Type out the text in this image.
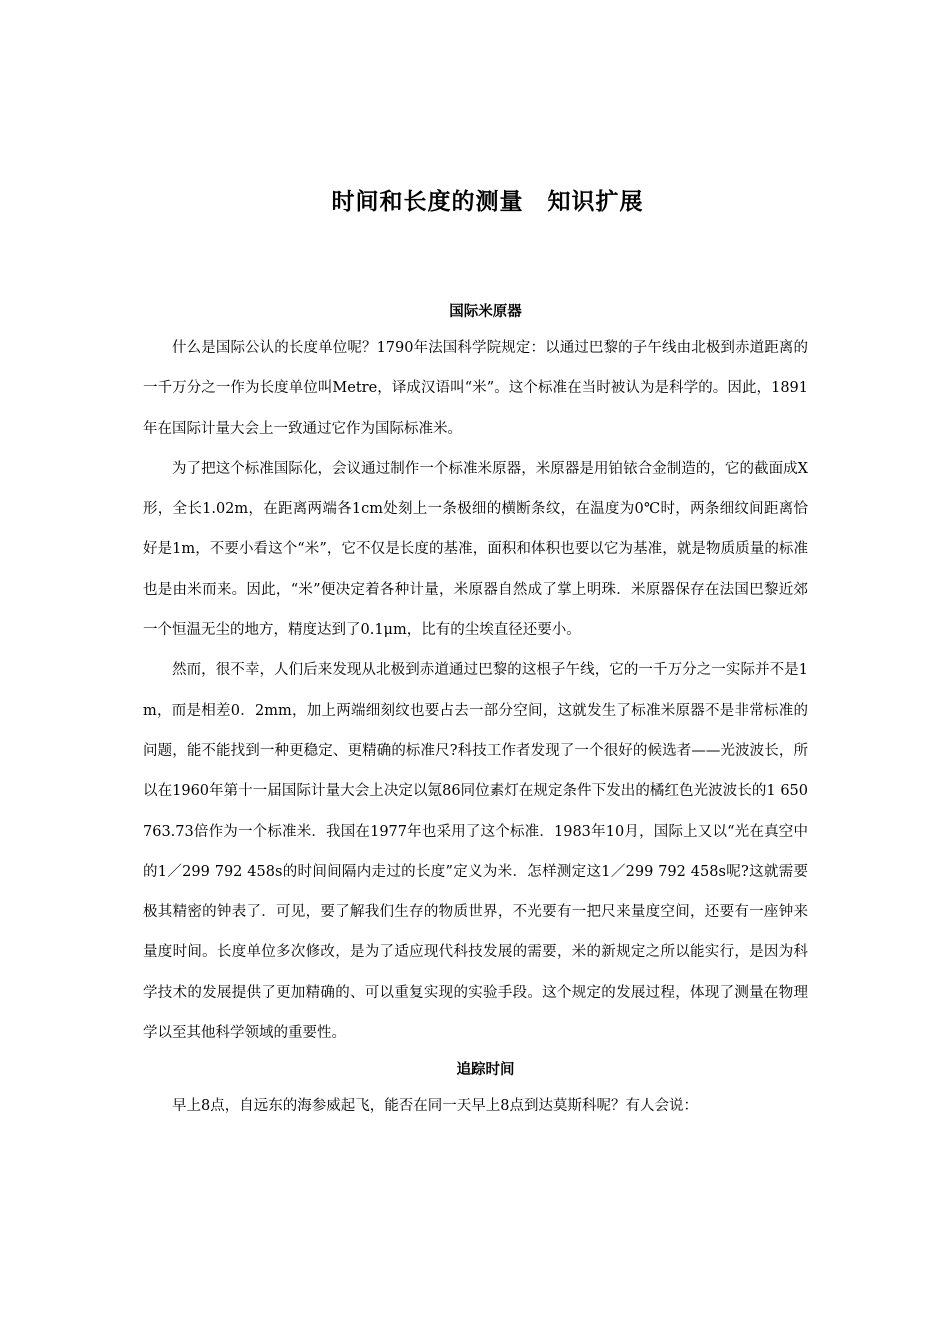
时间和长度的测量　知识扩展
国际米原器

什么是国际公认的长度单位呢？1790年法国科学院规定：以通过巴黎的子午线由北极到赤道距离的一千万分之一作为长度单位叫Metre，译成汉语叫“米”。这个标准在当时被认为是科学的。因此，1891年在国际计量大会上一致通过它作为国际标准米。

为了把这个标准国际化，会议通过制作一个标准米原器，米原器是用铂铱合金制造的，它的截面成X形，全长1.02m，在距离两端各1cm处刻上一条极细的横断条纹，在温度为0℃时，两条细纹间距离恰好是1m，不要小看这个“米”，它不仅是长度的基准，面积和体积也要以它为基准，就是物质质量的标准也是由米而来。因此，“米”便决定着各种计量，米原器自然成了掌上明珠．米原器保存在法国巴黎近郊一个恒温无尘的地方，精度达到了0.1μm，比有的尘埃直径还要小。

然而，很不幸，人们后来发现从北极到赤道通过巴黎的这根子午线，它的一千万分之一实际并不是1m，而是相差0．2mm，加上两端细刻纹也要占去一部分空间，这就发生了标准米原器不是非常标准的问题，能不能找到一种更稳定、更精确的标准尺?科技工作者发现了一个很好的候选者——光波波长，所以在1960年第十一届国际计量大会上决定以氪86同位素灯在规定条件下发出的橘红色光波波长的1 650 763.73倍作为一个标准米．我国在1977年也采用了这个标准．1983年10月，国际上又以“光在真空中的1／299 792 458s的时间间隔内走过的长度”定义为米．怎样测定这1／299 792 458s呢?这就需要极其精密的钟表了．可见，要了解我们生存的物质世界，不光要有一把尺来量度空间，还要有一座钟来量度时间。长度单位多次修改，是为了适应现代科技发展的需要，米的新规定之所以能实行，是因为科学技术的发展提供了更加精确的、可以重复实现的实验手段。这个规定的发展过程，体现了测量在物理学以至其他科学领域的重要性。

追踪时间

早上8点，自远东的海参威起飞，能否在同一天早上8点到达莫斯科呢？有人会说：
